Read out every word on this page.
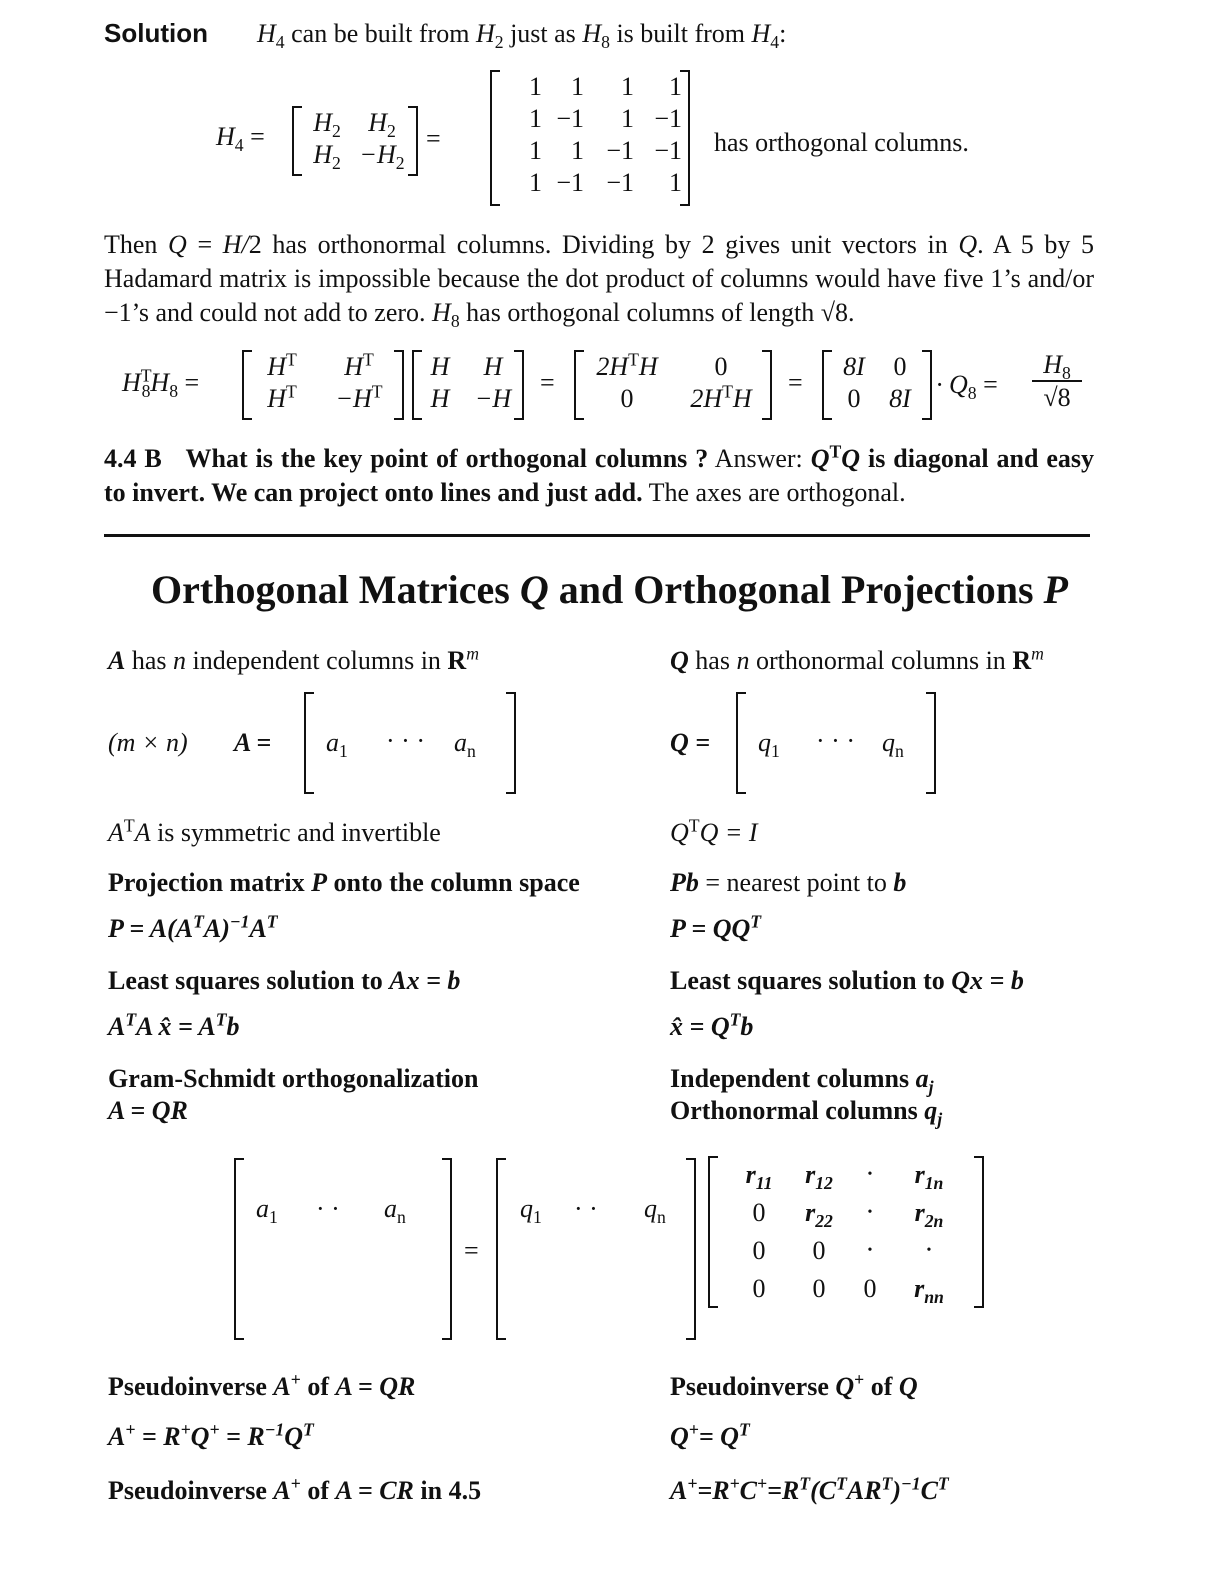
Solution $H_4$ can be built from $H_2$ just as $H_8$ is built from $H_4$:
$H_4$ =	$H_2$	$H_2$
$H_2 -H_2$
=
1	1	1	1
1 −1	1 −1
1	1 −1 −1
1 −1 −1	1
has orthogonal columns.
Then Q = H/2 has orthonormal columns. Dividing by 2 gives unit vectors in Q. A 5 by 5 Hadamard matrix is impossible because the dot product of columns would have five 1’s and/or −1’s and could not add to zero. $H_8$ has orthogonal columns of length √8.
$H^T_8H_8$ =
$H^T$	$H^T$
$H^T$	$-H^T$
H	H
H −H
=
$2H^TH$	0
0	$2H^TH$
=
8I	0
0	$8I \cdot Q_8$ =
$H_8$
√8
4.4 B What is the key point of orthogonal columns ? Answer: $Q^TQ$ is diagonal and easy to invert. We can project onto lines and just add. The axes are orthogonal.
Orthogonal Matrices Q and Orthogonal Projections P
A has n independent columns in $R^m$	Q has n orthonormal columns in $R^m$
(m × n) $A = a_1$ · · · $a_n$	$Q = q_1$ · · · $q_n$
$A^TA$ is symmetric and invertible
Projection matrix P onto the column space
$P = A(A^TA)^{-1}A^T$
Least squares solution to Ax = b
$A^TA$ x̂ = $A^Tb$
Gram-Schmidt orthogonalization
A = QR
$Q^TQ = I$
Pb = nearest point to b
$P = QQ^T$
Least squares solution to Qx = b
x̂ = $Q^Tb$
Independent columns $a_j$
Orthonormal columns $q_j$
$a_1$ · · $a_n$
=
$q_1$ · · $q_n$
$r_{11}$	$r_{12}$	•	$r_{1n}$
0	$r_{22}$	•	$r_{2n}$
0	0	•	•
0	0	0	$r_{nn}$
Pseudoinverse A+ of A = QR
$A^+ = R^+Q^+ = R^{-1}Q^T$
Pseudoinverse A+ of A = CR in 4.5
Pseudoinverse Q+ of Q
$Q^+= Q^T$
$A^+=R^+C^+=R^T(C^TAR^T)^{-1}C^T$
